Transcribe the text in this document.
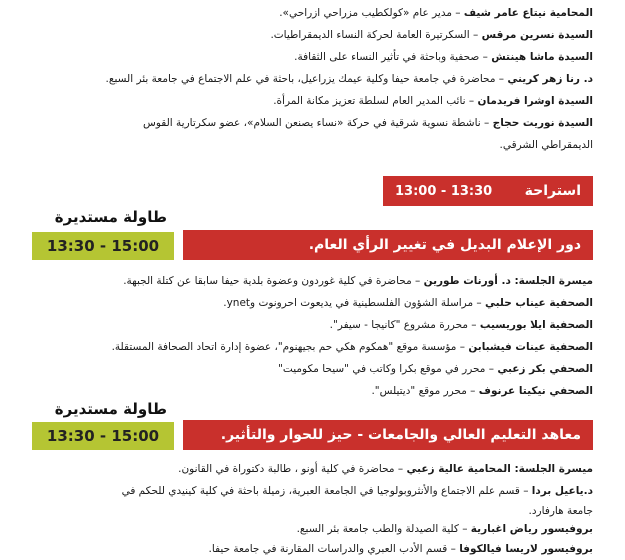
المحامية نيتاع عامر شيف – مدير عام «كولكطيب مزراحي ازراحي».
السيدة نسرين مرقس – السكرتيرة العامة لحركة النساء الديمقراطيات.
السيدة ماشا هينتش – صحفية وباحثة في تأثير النساء على الثقافة.
د. رنا زهر كريني – محاضرة في جامعة حيفا وكلية عيمك يزراعيل، باحثة في علم الاجتماع في جامعة بئر السبع.
السيدة اوشرا فريدمان – نائب المدير العام لسلطة تعزيز مكانة المرأة.
السيدة نوريت حجاج – ناشطة نسوية شرقية في حركة «نساء يصنعن السلام»، عضو سكرتارية القوس
الديمقراطي الشرقي.
استراحة
13:00 - 13:30
طاولة مستديرة
13:30 - 15:00	دور الإعلام البديل في تغيير الرأي العام.
ميسرة الجلسة: د. أورنات طورين – محاضرة في كلية غوردون وعضوة بلدية حيفا سابقا عن كتلة الجبهة.
الصحفية عيناب حلبي – مراسلة الشؤون الفلسطينية في يديعوت احرونوت وynet.
الصحفية ايلا بوريسيب – محررة مشروع "كانيجا - سيفر".
الصحفية عينات فيشبابن – مؤسسة موقع "همكوم هكي حم بجيهنوم"، عضوة إدارة اتحاد الصحافة المستقلة.
الصحفي بكر زعبي – محرر في موقع بكرا وكاتب في "سيحا مكوميت"
الصحفي نيكيتا عرنوف – محرر موقع "ديتيلس".
طاولة مستديرة
13:30 - 15:00	معاهد التعليم العالي والجامعات - حيز للحوار والتأثير.
ميسرة الجلسة: المحامية عالية زعبي – محاضرة في كلية أونو ، طالبة دكتوراة في القانون.
د.ياعيل بردا – قسم علم الاجتماع والأنثروبولوجيا في الجامعة العبرية، زميلة باحثة في كلية كينيدي للحكم في
جامعة هارفارد.
بروفيسور رياض اغبارية – كلية الصيدلة والطب جامعة بئر السبع.
بروفيسور لاريسا فيالكوفا – قسم الأدب العبري والدراسات المقارنة في جامعة حيفا.
